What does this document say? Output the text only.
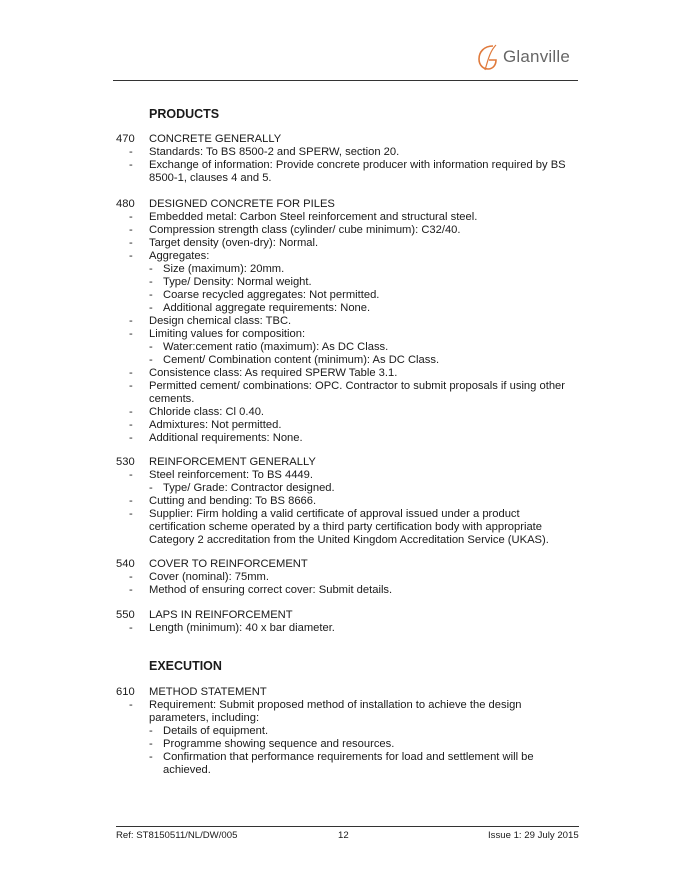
Glanville
PRODUCTS
470 CONCRETE GENERALLY
- Standards: To BS 8500-2 and SPERW, section 20.
- Exchange of information: Provide concrete producer with information required by BS 8500-1, clauses 4 and 5.
480 DESIGNED CONCRETE FOR PILES
- Embedded metal: Carbon Steel reinforcement and structural steel.
- Compression strength class (cylinder/ cube minimum): C32/40.
- Target density (oven-dry): Normal.
- Aggregates:
- Size (maximum): 20mm.
- Type/ Density: Normal weight.
- Coarse recycled aggregates: Not permitted.
- Additional aggregate requirements: None.
- Design chemical class: TBC.
- Limiting values for composition:
- Water:cement ratio (maximum): As DC Class.
- Cement/ Combination content (minimum): As DC Class.
- Consistence class: As required SPERW Table 3.1.
- Permitted cement/ combinations: OPC. Contractor to submit proposals if using other cements.
- Chloride class: Cl 0.40.
- Admixtures: Not permitted.
- Additional requirements: None.
530 REINFORCEMENT GENERALLY
- Steel reinforcement: To BS 4449.
- Type/ Grade: Contractor designed.
- Cutting and bending: To BS 8666.
- Supplier: Firm holding a valid certificate of approval issued under a product certification scheme operated by a third party certification body with appropriate Category 2 accreditation from the United Kingdom Accreditation Service (UKAS).
540 COVER TO REINFORCEMENT
- Cover (nominal): 75mm.
- Method of ensuring correct cover: Submit details.
550 LAPS IN REINFORCEMENT
- Length (minimum): 40 x bar diameter.
EXECUTION
610 METHOD STATEMENT
- Requirement: Submit proposed method of installation to achieve the design parameters, including:
- Details of equipment.
- Programme showing sequence and resources.
- Confirmation that performance requirements for load and settlement will be achieved.
Ref: ST8150511/NL/DW/005	12	Issue 1: 29 July 2015
